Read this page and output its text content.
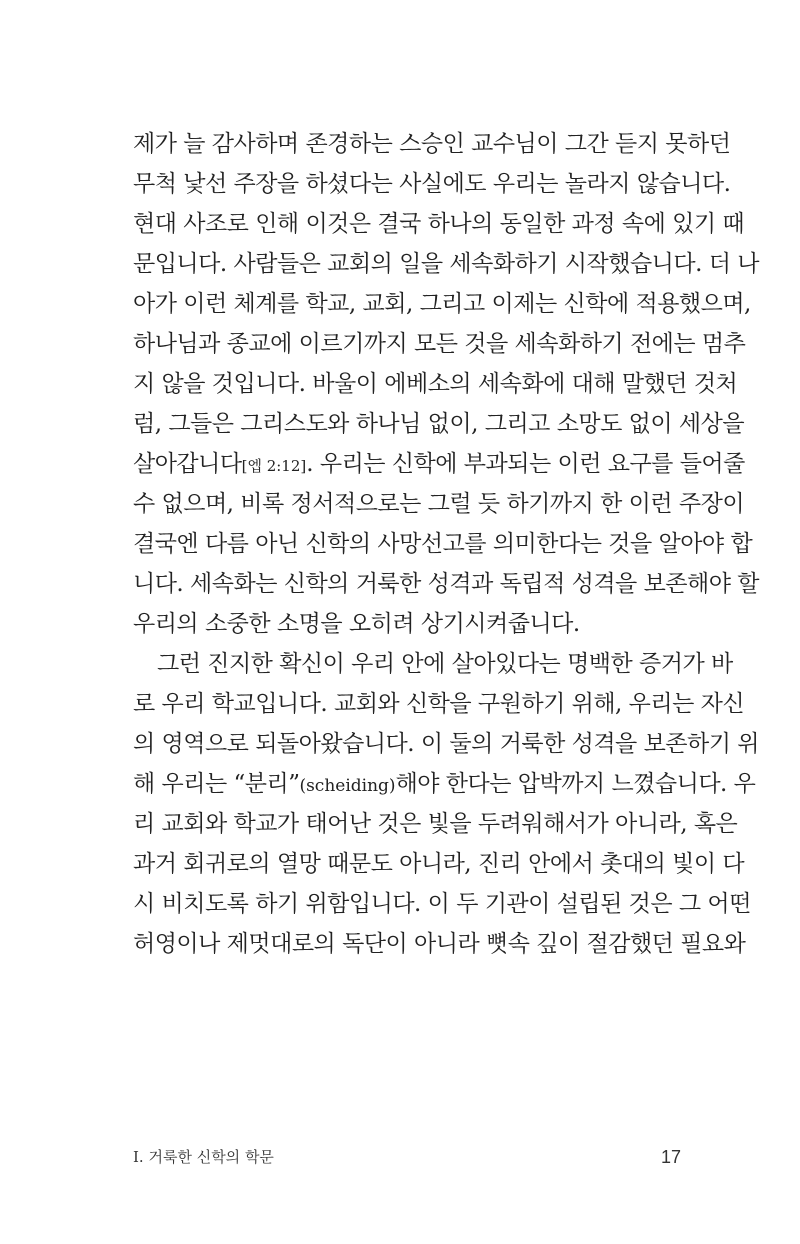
제가 늘 감사하며 존경하는 스승인 교수님이 그간 듣지 못하던
무척 낯선 주장을 하셨다는 사실에도 우리는 놀라지 않습니다.
현대 사조로 인해 이것은 결국 하나의 동일한 과정 속에 있기 때
문입니다. 사람들은 교회의 일을 세속화하기 시작했습니다. 더 나
아가 이런 체계를 학교, 교회, 그리고 이제는 신학에 적용했으며,
하나님과 종교에 이르기까지 모든 것을 세속화하기 전에는 멈추
지 않을 것입니다. 바울이 에베소의 세속화에 대해 말했던 것처
럼, 그들은 그리스도와 하나님 없이, 그리고 소망도 없이 세상을
살아갑니다[엡 2:12]. 우리는 신학에 부과되는 이런 요구를 들어줄
수 없으며, 비록 정서적으로는 그럴 듯 하기까지 한 이런 주장이
결국엔 다름 아닌 신학의 사망선고를 의미한다는 것을 알아야 합
니다. 세속화는 신학의 거룩한 성격과 독립적 성격을 보존해야 할
우리의 소중한 소명을 오히려 상기시켜줍니다.
그런 진지한 확신이 우리 안에 살아있다는 명백한 증거가 바
로 우리 학교입니다. 교회와 신학을 구원하기 위해, 우리는 자신
의 영역으로 되돌아왔습니다. 이 둘의 거룩한 성격을 보존하기 위
해 우리는 “분리”(scheiding)해야 한다는 압박까지 느꼈습니다. 우
리 교회와 학교가 태어난 것은 빛을 두려워해서가 아니라, 혹은
과거 회귀로의 열망 때문도 아니라, 진리 안에서 촛대의 빛이 다
시 비치도록 하기 위함입니다. 이 두 기관이 설립된 것은 그 어떤
허영이나 제멋대로의 독단이 아니라 뼛속 깊이 절감했던 필요와
I. 거룩한 신학의 학문	17
